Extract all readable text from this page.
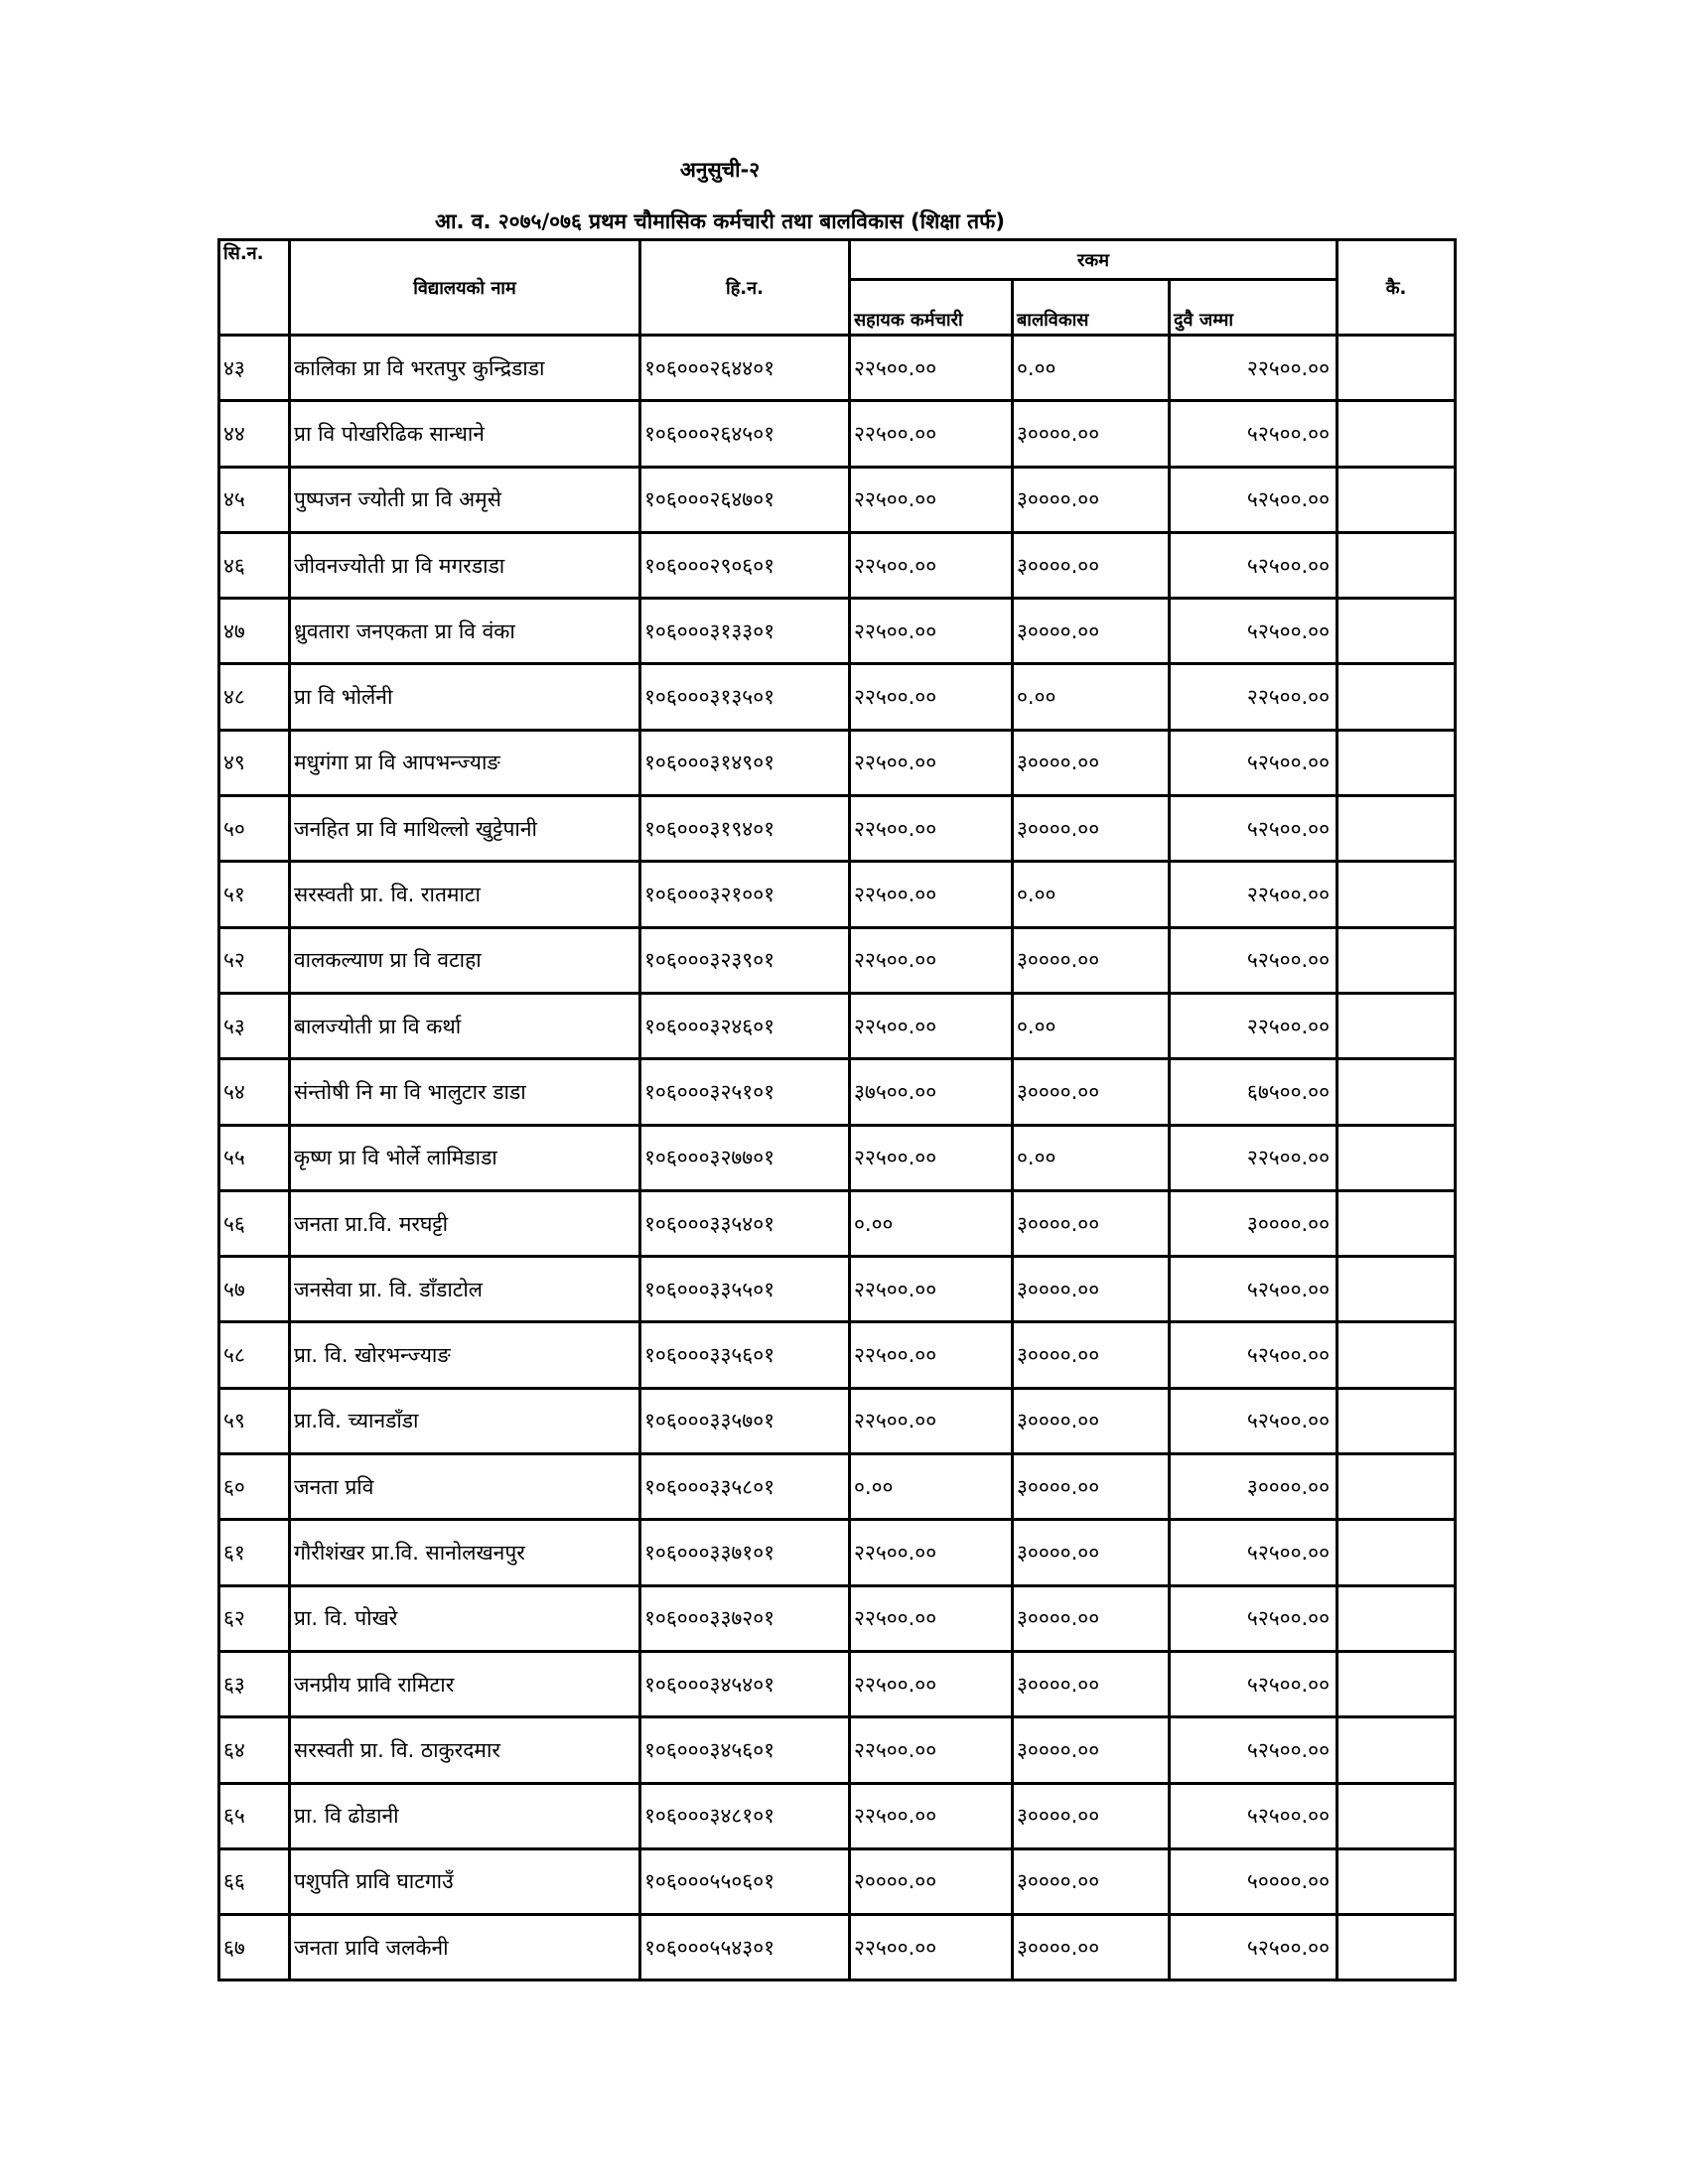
अनुसुची-२
आ. व. २०७५/०७६ प्रथम चौमासिक कर्मचारी तथा बालविकास (शिक्षा तर्फ)
सि.न.	विद्यालयको नाम	हि.न.	रकम			कै.
			सहायक कर्मचारी	बालविकास	दुवै जम्मा	
४३	कालिका प्रा वि भरतपुर कुन्द्रिडाडा	१०६०००२६४४०१	२२५००.००	०.००	२२५००.००	
४४	प्रा वि पोखरिढिक सान्धाने	१०६०००२६४५०१	२२५००.००	३००००.००	५२५००.००	
४५	पुष्पजन ज्योती प्रा वि अमृसे	१०६०००२६४७०१	२२५००.००	३००००.००	५२५००.००	
४६	जीवनज्योती प्रा वि मगरडाडा	१०६०००२९०६०१	२२५००.००	३००००.००	५२५००.००	
४७	ध्रुवतारा जनएकता प्रा वि वंका	१०६०००३१३३०१	२२५००.००	३००००.००	५२५००.००	
४८	प्रा वि भोर्लेनी	१०६०००३१३५०१	२२५००.००	०.००	२२५००.००	
४९	मधुगंगा प्रा वि आपभन्ज्याङ	१०६०००३१४९०१	२२५००.००	३००००.००	५२५००.००	
५०	जनहित प्रा वि माथिल्लो खुट्टेपानी	१०६०००३१९४०१	२२५००.००	३००००.००	५२५००.००	
५१	सरस्वती प्रा. वि. रातमाटा	१०६०००३२१००१	२२५००.००	०.००	२२५००.००	
५२	वालकल्याण प्रा वि वटाहा	१०६०००३२३९०१	२२५००.००	३००००.००	५२५००.००	
५३	बालज्योती प्रा वि कर्था	१०६०००३२४६०१	२२५००.००	०.००	२२५००.००	
५४	संन्तोषी नि मा वि भालुटार डाडा	१०६०००३२५१०१	३७५००.००	३००००.००	६७५००.००	
५५	कृष्ण प्रा वि भोर्ले लामिडाडा	१०६०००३२७७०१	२२५००.००	०.००	२२५००.००	
५६	जनता प्रा.वि. मरघट्टी	१०६०००३३५४०१	०.००	३००००.००	३००००.००	
५७	जनसेवा प्रा. वि. डाँडाटोल	१०६०००३३५५०१	२२५००.००	३००००.००	५२५००.००	
५८	प्रा. वि. खोरभन्ज्याङ	१०६०००३३५६०१	२२५००.००	३००००.००	५२५००.००	
५९	प्रा.वि. च्यानडाँडा	१०६०००३३५७०१	२२५००.००	३००००.००	५२५००.००	
६०	जनता प्रवि	१०६०००३३५८०१	०.००	३००००.००	३००००.००	
६१	गौरीशंखर प्रा.वि. सानोलखनपुर	१०६०००३३७१०१	२२५००.००	३००००.००	५२५००.००	
६२	प्रा. वि. पोखरे	१०६०००३३७२०१	२२५००.००	३००००.००	५२५००.००	
६३	जनप्रीय प्रावि रामिटार	१०६०००३४५४०१	२२५००.००	३००००.००	५२५००.००	
६४	सरस्वती प्रा. वि. ठाकुरदमार	१०६०००३४५६०१	२२५००.००	३००००.००	५२५००.००	
६५	प्रा. वि ढोडानी	१०६०००३४८१०१	२२५००.००	३००००.००	५२५००.००	
६६	पशुपति प्रावि घाटगाउँ	१०६०००५५०६०१	२००००.००	३००००.००	५००००.००	
६७	जनता प्रावि जलकेनी	१०६०००५५४३०१	२२५००.००	३००००.००	५२५००.००	
